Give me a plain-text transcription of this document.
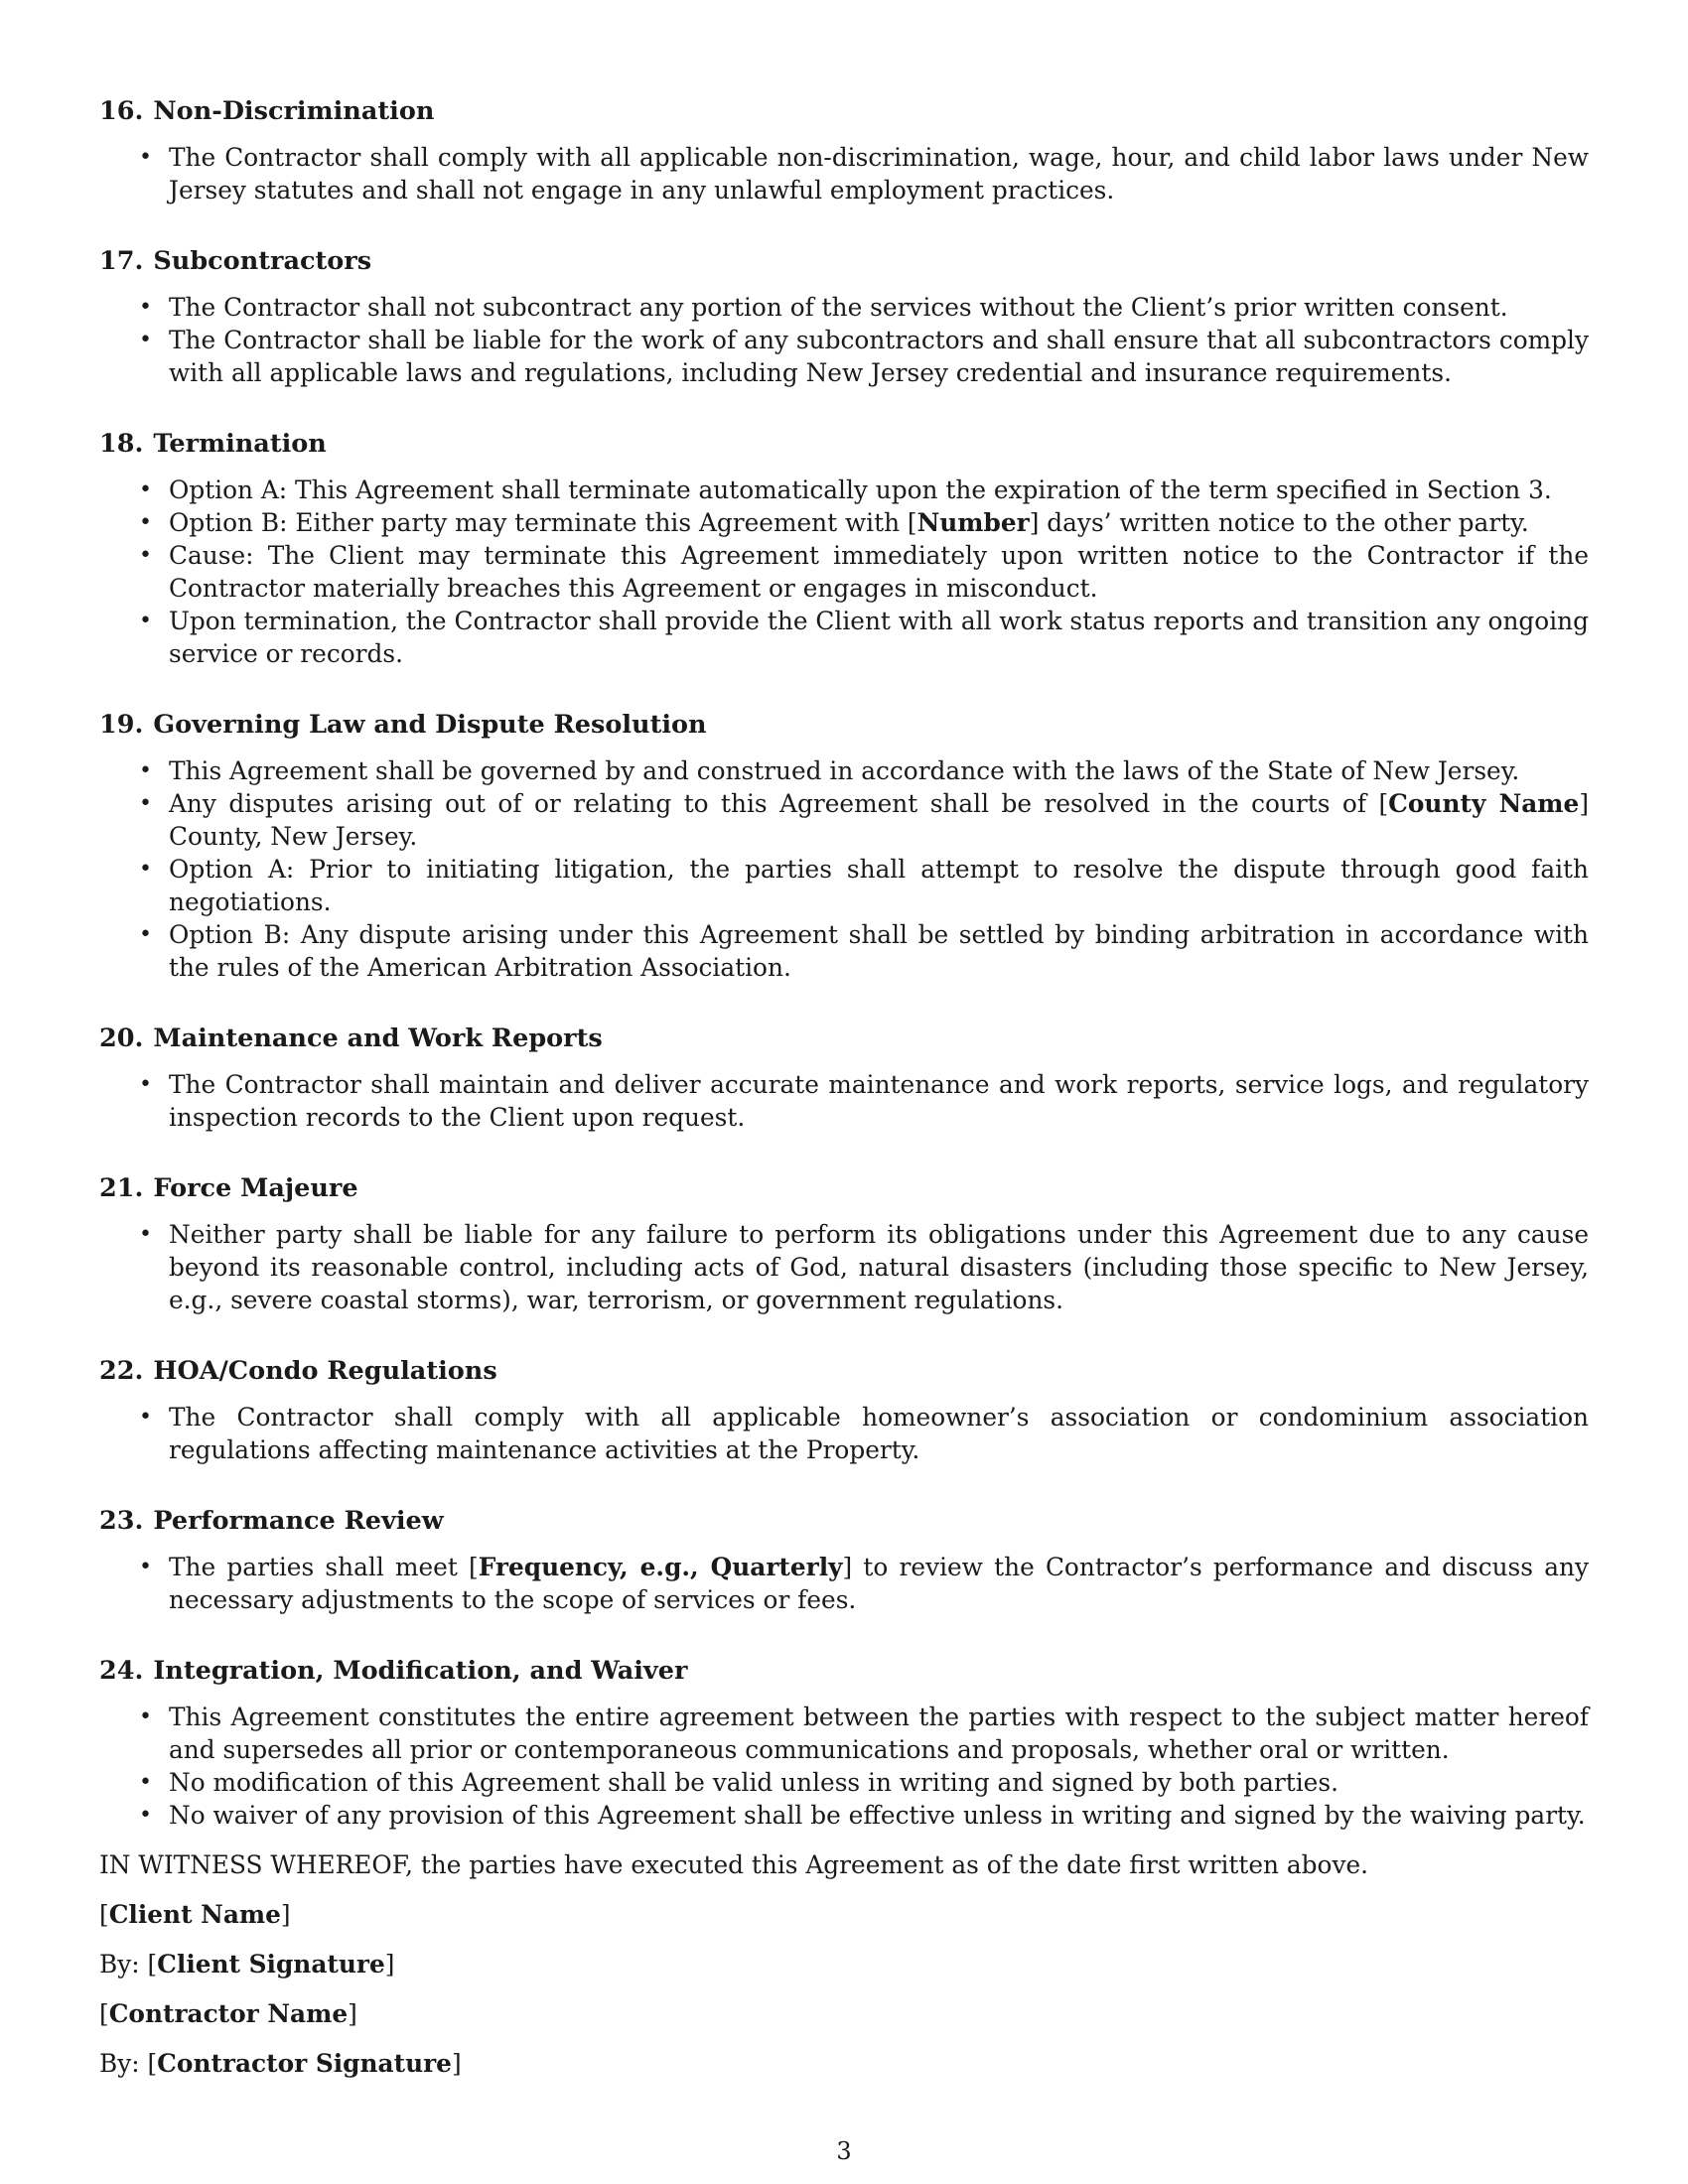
16. Non-Discrimination
• The Contractor shall comply with all applicable non-discrimination, wage, hour, and child labor laws under New Jersey statutes and shall not engage in any unlawful employment practices.
17. Subcontractors
• The Contractor shall not subcontract any portion of the services without the Client’s prior written consent.
• The Contractor shall be liable for the work of any subcontractors and shall ensure that all subcontractors comply with all applicable laws and regulations, including New Jersey credential and insurance requirements.
18. Termination
• Option A: This Agreement shall terminate automatically upon the expiration of the term specified in Section 3.
• Option B: Either party may terminate this Agreement with [Number] days’ written notice to the other party.
• Cause: The Client may terminate this Agreement immediately upon written notice to the Contractor if the Contractor materially breaches this Agreement or engages in misconduct.
• Upon termination, the Contractor shall provide the Client with all work status reports and transition any ongoing service or records.
19. Governing Law and Dispute Resolution
• This Agreement shall be governed by and construed in accordance with the laws of the State of New Jersey.
• Any disputes arising out of or relating to this Agreement shall be resolved in the courts of [County Name] County, New Jersey.
• Option A: Prior to initiating litigation, the parties shall attempt to resolve the dispute through good faith negotiations.
• Option B: Any dispute arising under this Agreement shall be settled by binding arbitration in accordance with the rules of the American Arbitration Association.
20. Maintenance and Work Reports
• The Contractor shall maintain and deliver accurate maintenance and work reports, service logs, and regulatory inspection records to the Client upon request.
21. Force Majeure
• Neither party shall be liable for any failure to perform its obligations under this Agreement due to any cause beyond its reasonable control, including acts of God, natural disasters (including those specific to New Jersey, e.g., severe coastal storms), war, terrorism, or government regulations.
22. HOA/Condo Regulations
• The Contractor shall comply with all applicable homeowner’s association or condominium association regulations affecting maintenance activities at the Property.
23. Performance Review
• The parties shall meet [Frequency, e.g., Quarterly] to review the Contractor’s performance and discuss any necessary adjustments to the scope of services or fees.
24. Integration, Modification, and Waiver
• This Agreement constitutes the entire agreement between the parties with respect to the subject matter hereof and supersedes all prior or contemporaneous communications and proposals, whether oral or written.
• No modification of this Agreement shall be valid unless in writing and signed by both parties.
• No waiver of any provision of this Agreement shall be effective unless in writing and signed by the waiving party.

IN WITNESS WHEREOF, the parties have executed this Agreement as of the date first written above.

[Client Name]

By: [Client Signature]

[Contractor Name]

By: [Contractor Signature]

3
